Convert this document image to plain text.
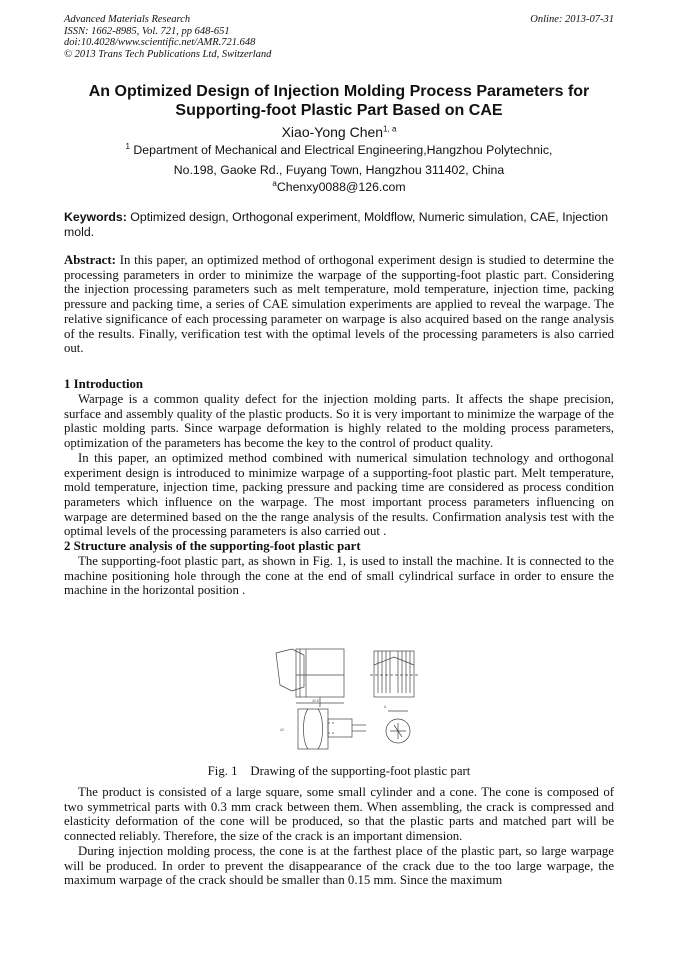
Advanced Materials Research
ISSN: 1662-8985, Vol. 721, pp 648-651
doi:10.4028/www.scientific.net/AMR.721.648
© 2013 Trans Tech Publications Ltd, Switzerland
Online: 2013-07-31
An Optimized Design of Injection Molding Process Parameters for
Supporting-foot Plastic Part Based on CAE
Xiao-Yong Chen$^{1, a}$
$^1$ Department of Mechanical and Electrical Engineering,Hangzhou Polytechnic,
No.198, Gaoke Rd., Fuyang Town, Hangzhou 311402, China
$^a$Chenxy0088@126.com
Keywords: Optimized design, Orthogonal experiment, Moldflow, Numeric simulation, CAE, Injection mold.

Abstract: In this paper, an optimized method of orthogonal experiment design is studied to determine the processing parameters in order to minimize the warpage of the supporting-foot plastic part. Considering the injection processing parameters such as melt temperature, mold temperature, injection time, packing pressure and packing time, a series of CAE simulation experiments are applied to reveal the warpage. The relative significance of each processing parameter on warpage is also acquired based on the range analysis of the results. Finally, verification test with the optimal levels of the processing parameters is also carried out.

1 Introduction

Warpage is a common quality defect for the injection molding parts. It affects the shape precision, surface and assembly quality of the plastic products. So it is very important to minimize the warpage of the plastic molding parts. Since warpage deformation is highly related to the molding process parameters, optimization of the parameters has become the key to the control of product quality.

In this paper, an optimized method combined with numerical simulation technology and orthogonal experiment design is introduced to minimize warpage of a supporting-foot plastic part. Melt temperature, mold temperature, injection time, packing pressure and packing time are considered as process condition parameters which influence on the warpage. The most important process parameters influencing on warpage are determined based on the the range analysis of the results. Confirmation analysis test with the optimal levels of the processing parameters is also carried out .

2 Structure analysis of the supporting-foot plastic part

The supporting-foot plastic part, as shown in Fig. 1, is used to install the machine. It is connected to the machine positioning hole through the cone at the end of small cylindrical surface in order to ensure the machine in the horizontal position .

40.5
42
A
Fig. 1    Drawing of the supporting-foot plastic part

The product is consisted of a large square, some small cylinder and a cone. The cone is composed of two symmetrical parts with 0.3 mm crack between them. When assembling, the crack is compressed and elasticity deformation of the cone will be produced, so that the plastic parts and matched part will be connected reliably. Therefore, the size of the crack is an important dimension.

During injection molding process, the cone is at the farthest place of the plastic part, so large warpage will be produced. In order to prevent the disappearance of the crack due to the too large warpage, the maximum warpage of the crack should be smaller than 0.15 mm. Since the maximum
